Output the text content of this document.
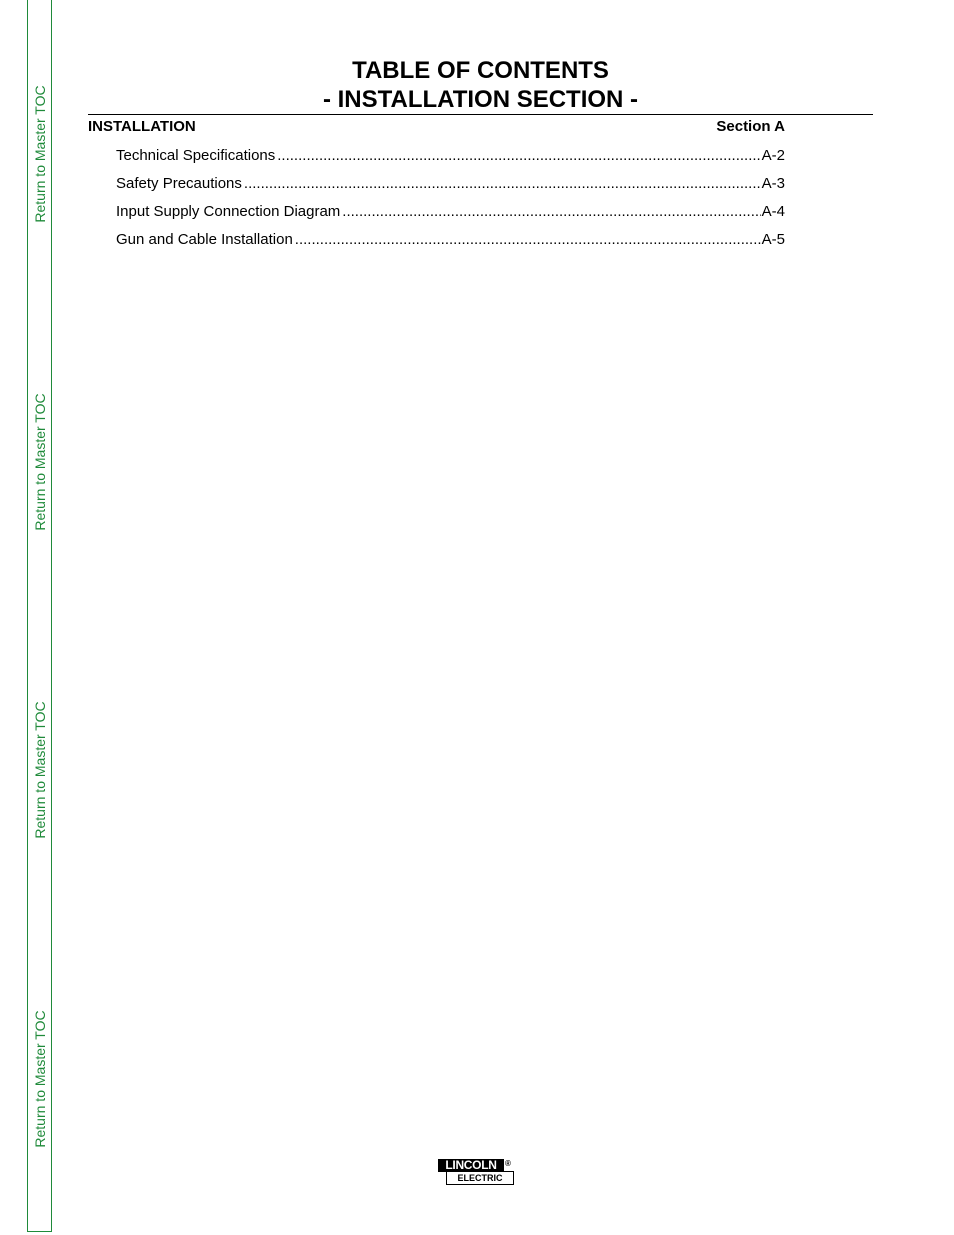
Return to Master TOC
Return to Master TOC
Return to Master TOC
Return to Master TOC
TABLE OF CONTENTS
- INSTALLATION SECTION -
INSTALLATION	Section A
Technical Specifications .....	A-2
Safety Precautions .....	A-3
Input Supply Connection Diagram .....	A-4
Gun and Cable Installation .....	A-5
ELECTRIC
LINCOLN	®
